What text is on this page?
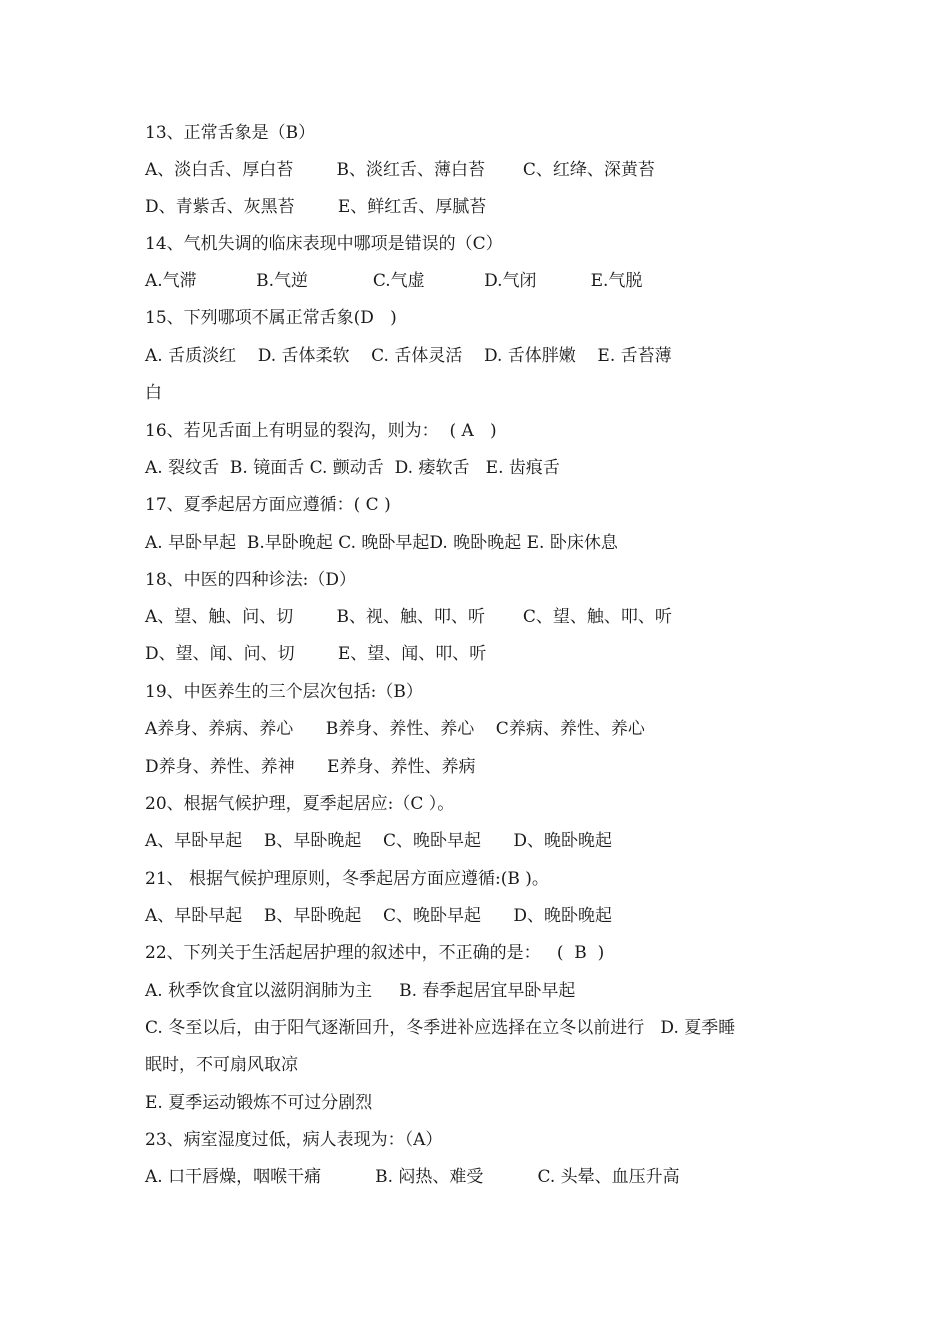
13、正常舌象是（B）
A、淡白舌、厚白苔        B、淡红舌、薄白苔       C、红绛、深黄苔
D、青紫舌、灰黑苔        E、鲜红舌、厚腻苔
14、气机失调的临床表现中哪项是错误的（C）
A.气滞           B.气逆            C.气虚           D.气闭          E.气脱
15、下列哪项不属正常舌象(D   )
A. 舌质淡红    D. 舌体柔软    C. 舌体灵活    D. 舌体胖嫩    E. 舌苔薄
白
16、若见舌面上有明显的裂沟，则为：  ( A   )
A. 裂纹舌  B. 镜面舌 C. 颤动舌  D. 痿软舌   E. 齿痕舌
17、夏季起居方面应遵循：( C )
A. 早卧早起  B.早卧晚起 C. 晚卧早起D. 晚卧晚起 E. 卧床休息
18、中医的四种诊法:（D）
A、望、触、问、切        B、视、触、叩、听       C、望、触、叩、听
D、望、闻、问、切        E、望、闻、叩、听
19、中医养生的三个层次包括:（B）
A养身、养病、养心      B养身、养性、养心    C养病、养性、养心
D养身、养性、养神      E养身、养性、养病
20、根据气候护理，夏季起居应:（C ）。
A、早卧早起    B、早卧晚起    C、晚卧早起      D、晚卧晚起
21、 根据气候护理原则，冬季起居方面应遵循:(B )。
A、早卧早起    B、早卧晚起    C、晚卧早起      D、晚卧晚起
22、下列关于生活起居护理的叙述中，不正确的是：   (  B  )
A. 秋季饮食宜以滋阴润肺为主     B. 春季起居宜早卧早起
C. 冬至以后，由于阳气逐渐回升，冬季进补应选择在立冬以前进行   D. 夏季睡
眠时，不可扇风取凉
E. 夏季运动锻炼不可过分剧烈
23、病室湿度过低，病人表现为：（A）
A. 口干唇燥，咽喉干痛          B. 闷热、难受          C. 头晕、血压升高
